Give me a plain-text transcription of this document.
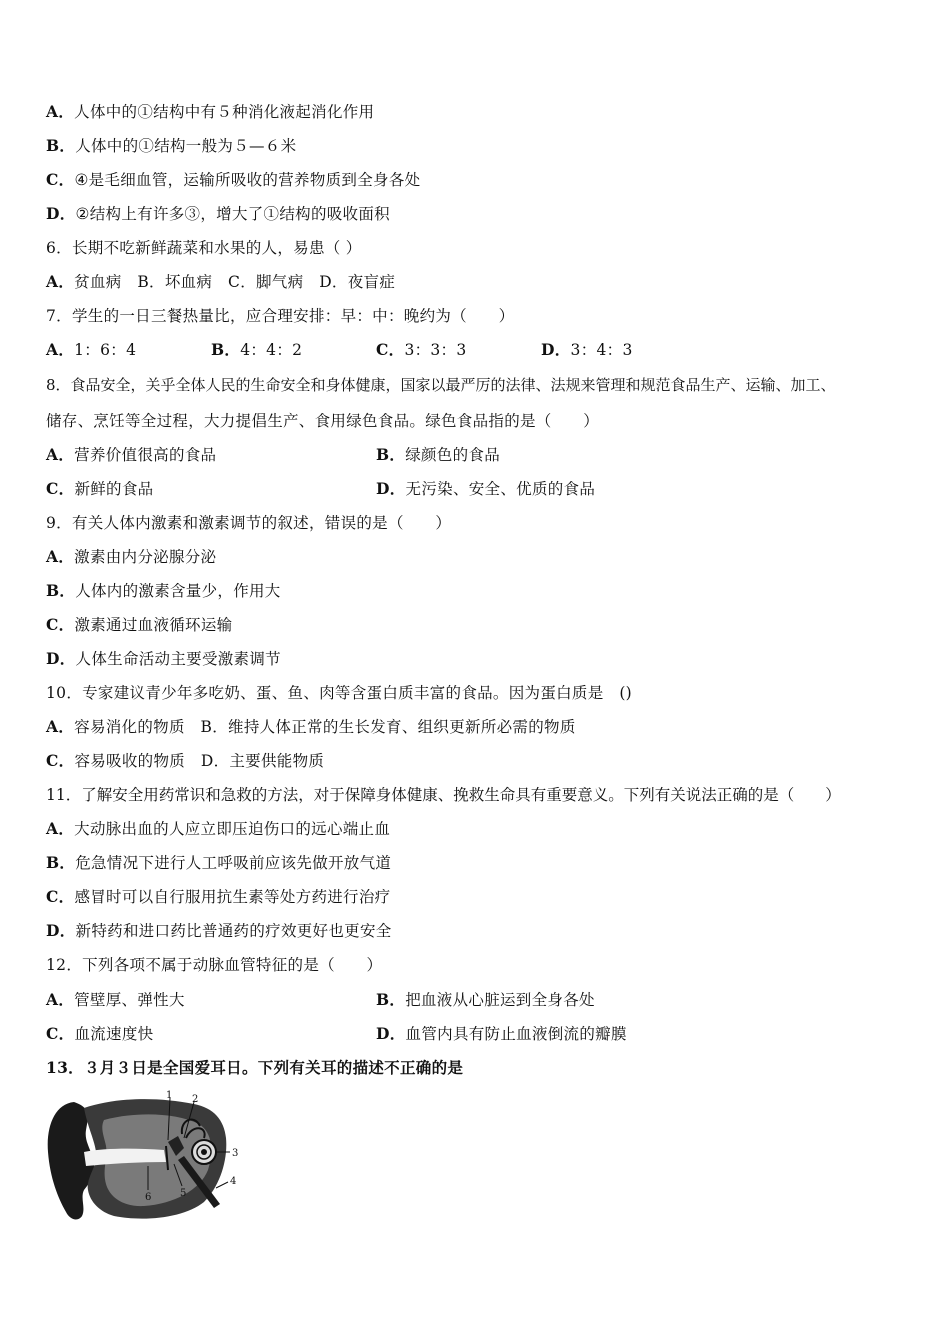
A．人体中的①结构中有５种消化液起消化作用
B．人体中的①结构一般为５—６米
C．④是毛细血管，运输所吸收的营养物质到全身各处
D．②结构上有许多③，增大了①结构的吸收面积
6．长期不吃新鲜蔬菜和水果的人，易患（ ）
A．贫血病　B．坏血病　C．脚气病　D．夜盲症
7．学生的一日三餐热量比，应合理安排：早：中：晚约为（　　）
A．1：6：4	B．4：4：2	C．3：3：3	D．3：4：3
8．食品安全，关乎全体人民的生命安全和身体健康，国家以最严厉的法律、法规来管理和规范食品生产、运输、加工、
储存、烹饪等全过程，大力提倡生产、食用绿色食品。绿色食品指的是（　　）
A．营养价值很高的食品	B．绿颜色的食品
C．新鲜的食品	D．无污染、安全、优质的食品
9．有关人体内激素和激素调节的叙述，错误的是（　　）
A．激素由内分泌腺分泌
B．人体内的激素含量少，作用大
C．激素通过血液循环运输
D．人体生命活动主要受激素调节
10．专家建议青少年多吃奶、蛋、鱼、肉等含蛋白质丰富的食品。因为蛋白质是　()
A．容易消化的物质　B．维持人体正常的生长发育、组织更新所必需的物质
C．容易吸收的物质　D．主要供能物质
11．了解安全用药常识和急救的方法，对于保障身体健康、挽救生命具有重要意义。下列有关说法正确的是（　　）
A．大动脉出血的人应立即压迫伤口的远心端止血
B．危急情况下进行人工呼吸前应该先做开放气道
C．感冒时可以自行服用抗生素等处方药进行治疗
D．新特药和进口药比普通药的疗效更好也更安全
12．下列各项不属于动脉血管特征的是（　　）
A．管壁厚、弹性大	B．把血液从心脏运到全身各处
C．血流速度快	D．血管内具有防止血液倒流的瓣膜
13．３月３日是全国爱耳日。下列有关耳的描述不正确的是
1 2
3
4
5
6
